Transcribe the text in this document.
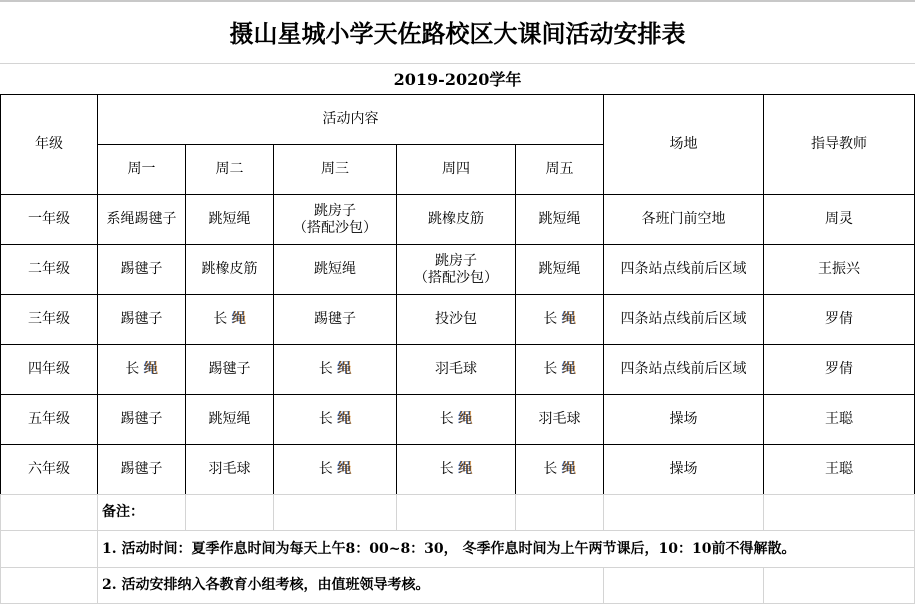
摄山星城小学天佐路校区大课间活动安排表
2019-2020学年
年级	活动内容					场地	指导教师
	周一	周二	周三	周四	周五		
一年级	系绳踢毽子	跳短绳	跳房子
（搭配沙包）	跳橡皮筋	跳短绳	各班门前空地	周灵
二年级	踢毽子	跳橡皮筋	跳短绳	跳房子
（搭配沙包）	跳短绳	四条站点线前后区域	王振兴
三年级	踢毽子	长 绳	踢毽子	投沙包	长 绳	四条站点线前后区域	罗倩
四年级	长 绳	踢毽子	长 绳	羽毛球	长 绳	四条站点线前后区域	罗倩
五年级	踢毽子	跳短绳	长 绳	长 绳	羽毛球	操场	王聪
六年级	踢毽子	羽毛球	长 绳	长 绳	长 绳	操场	王聪
	备注：						
	1. 活动时间：夏季作息时间为每天上午8：00~8：30， 冬季作息时间为上午两节课后，10：10前不得解散。						
	2. 活动安排纳入各教育小组考核，由值班领导考核。						
